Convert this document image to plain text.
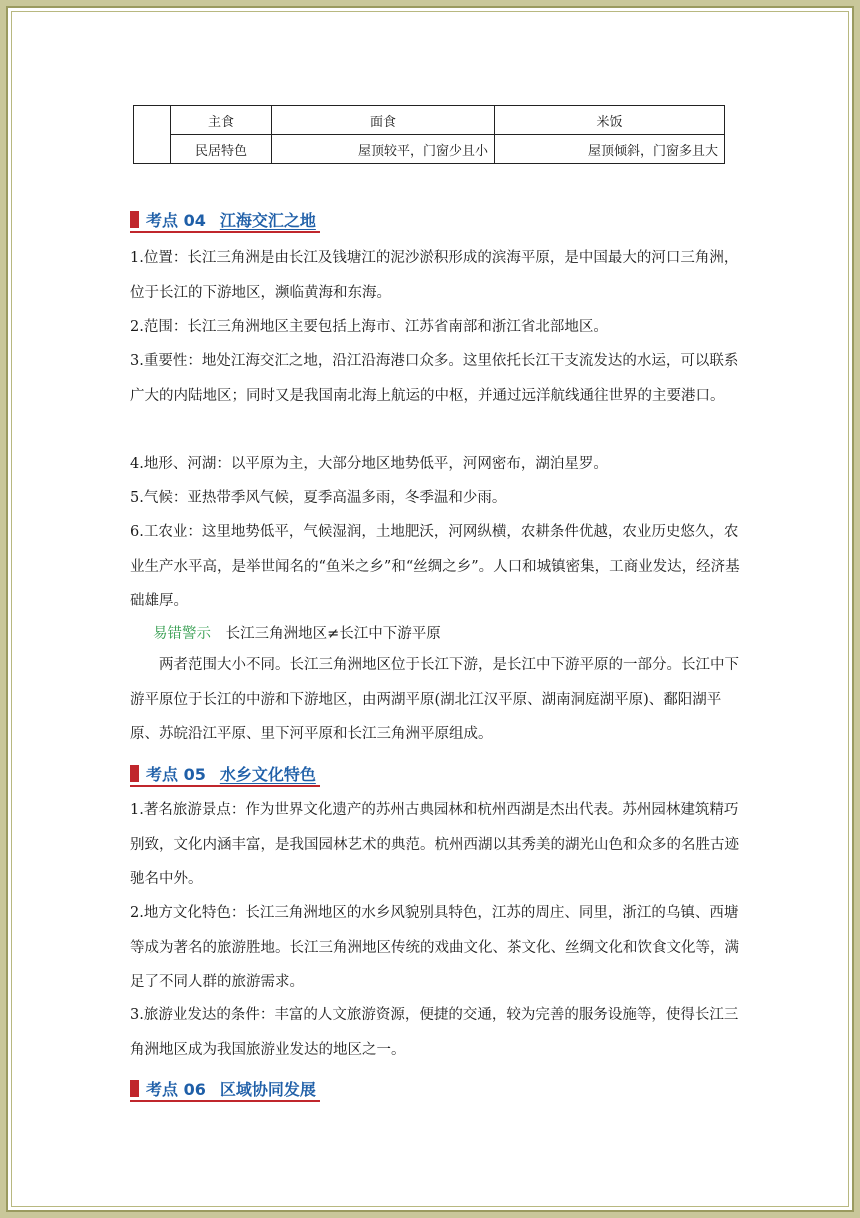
	主食	面食	米饭
	民居特色	屋顶较平，门窗少且小	屋顶倾斜，门窗多且大
考点 04 江海交汇之地

1.位置：长江三角洲是由长江及钱塘江的泥沙淤积形成的滨海平原，是中国最大的河口三角洲，位于长江的下游地区，濒临黄海和东海。

2.范围：长江三角洲地区主要包括上海市、江苏省南部和浙江省北部地区。

3.重要性：地处江海交汇之地，沿江沿海港口众多。这里依托长江干支流发达的水运，可以联系广大的内陆地区；同时又是我国南北海上航运的中枢，并通过远洋航线通往世界的主要港口。

4.地形、河湖：以平原为主，大部分地区地势低平，河网密布，湖泊星罗。

5.气候：亚热带季风气候，夏季高温多雨，冬季温和少雨。

6.工农业：这里地势低平，气候湿润，土地肥沃，河网纵横，农耕条件优越，农业历史悠久，农业生产水平高，是举世闻名的“鱼米之乡”和“丝绸之乡”。人口和城镇密集，工商业发达，经济基础雄厚。

易错警示 长江三角洲地区≠长江中下游平原

两者范围大小不同。长江三角洲地区位于长江下游，是长江中下游平原的一部分。长江中下游平原位于长江的中游和下游地区，由两湖平原(湖北江汉平原、湖南洞庭湖平原)、鄱阳湖平原、苏皖沿江平原、里下河平原和长江三角洲平原组成。

考点 05 水乡文化特色

1.著名旅游景点：作为世界文化遗产的苏州古典园林和杭州西湖是杰出代表。苏州园林建筑精巧别致，文化内涵丰富，是我国园林艺术的典范。杭州西湖以其秀美的湖光山色和众多的名胜古迹驰名中外。

2.地方文化特色：长江三角洲地区的水乡风貌别具特色，江苏的周庄、同里，浙江的乌镇、西塘等成为著名的旅游胜地。长江三角洲地区传统的戏曲文化、茶文化、丝绸文化和饮食文化等，满足了不同人群的旅游需求。

3.旅游业发达的条件：丰富的人文旅游资源，便捷的交通，较为完善的服务设施等，使得长江三角洲地区成为我国旅游业发达的地区之一。

考点 06 区域协同发展
